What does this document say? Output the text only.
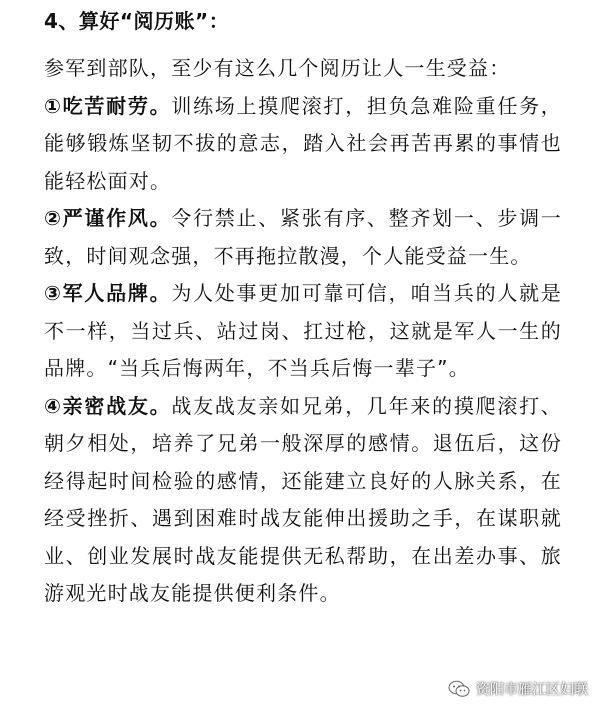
4、算好“阅历账”：

参军到部队，至少有这么几个阅历让人一生受益：

①吃苦耐劳。训练场上摸爬滚打，担负急难险重任务，能够锻炼坚韧不拔的意志，踏入社会再苦再累的事情也能轻松面对。

②严谨作风。令行禁止、紧张有序、整齐划一、步调一致，时间观念强，不再拖拉散漫，个人能受益一生。

③军人品牌。为人处事更加可靠可信，咱当兵的人就是不一样，当过兵、站过岗、扛过枪，这就是军人一生的品牌。“当兵后悔两年，不当兵后悔一辈子”。

④亲密战友。战友战友亲如兄弟，几年来的摸爬滚打、朝夕相处，培养了兄弟一般深厚的感情。退伍后，这份经得起时间检验的感情，还能建立良好的人脉关系，在经受挫折、遇到困难时战友能伸出援助之手，在谋职就业、创业发展时战友能提供无私帮助，在出差办事、旅游观光时战友能提供便利条件。

资阳市雁江区妇联
